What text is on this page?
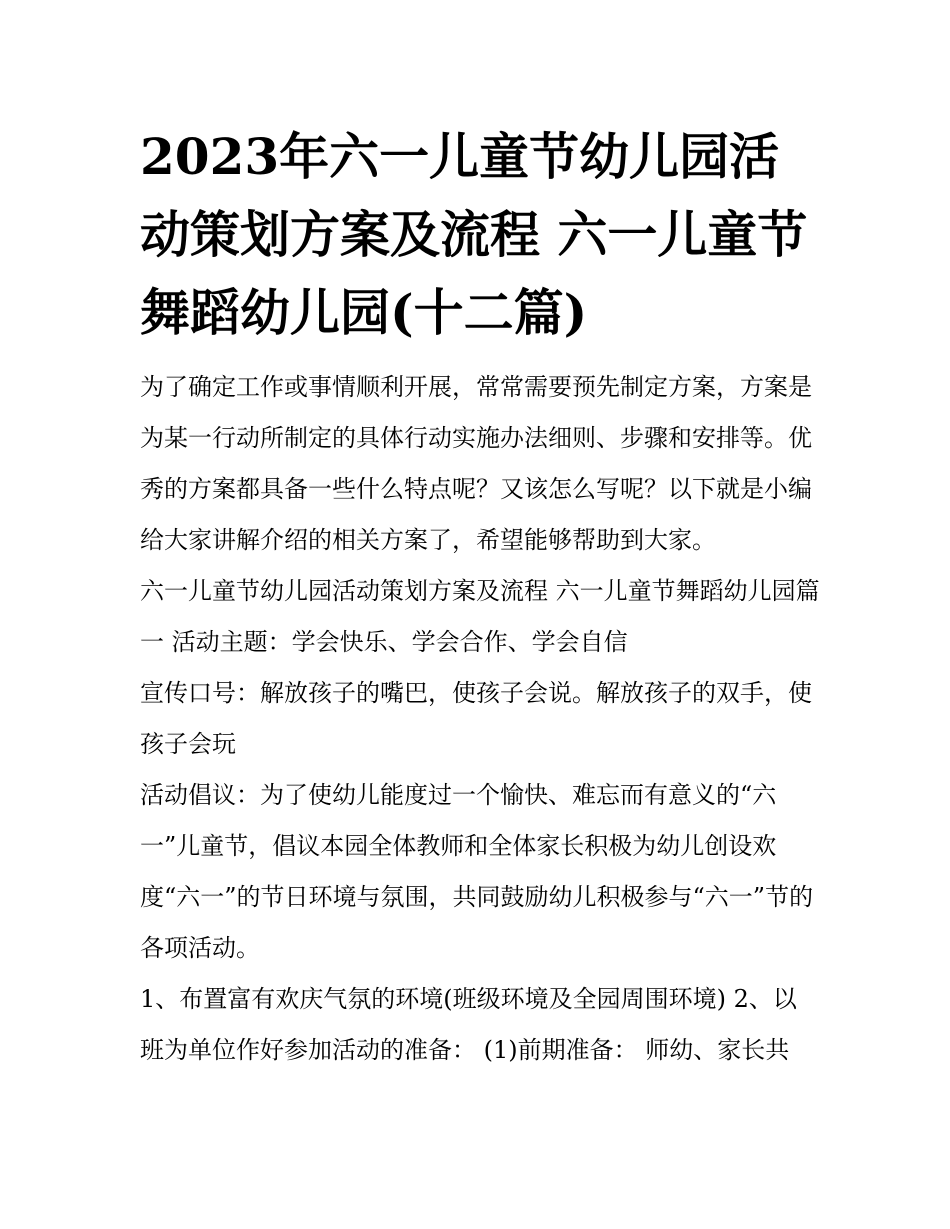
2023年六一儿童节幼儿园活动策划方案及流程 六一儿童节舞蹈幼儿园(十二篇)

为了确定工作或事情顺利开展，常常需要预先制定方案，方案是为某一行动所制定的具体行动实施办法细则、步骤和安排等。优秀的方案都具备一些什么特点呢？又该怎么写呢？以下就是小编给大家讲解介绍的相关方案了，希望能够帮助到大家。

六一儿童节幼儿园活动策划方案及流程 六一儿童节舞蹈幼儿园篇一 活动主题：学会快乐、学会合作、学会自信

宣传口号：解放孩子的嘴巴，使孩子会说。解放孩子的双手，使孩子会玩

活动倡议：为了使幼儿能度过一个愉快、难忘而有意义的“六一”儿童节，倡议本园全体教师和全体家长积极为幼儿创设欢度“六一”的节日环境与氛围，共同鼓励幼儿积极参与“六一”节的各项活动。

1、布置富有欢庆气氛的环境(班级环境及全园周围环境) 2、以班为单位作好参加活动的准备： (1)前期准备： 师幼、家长共
